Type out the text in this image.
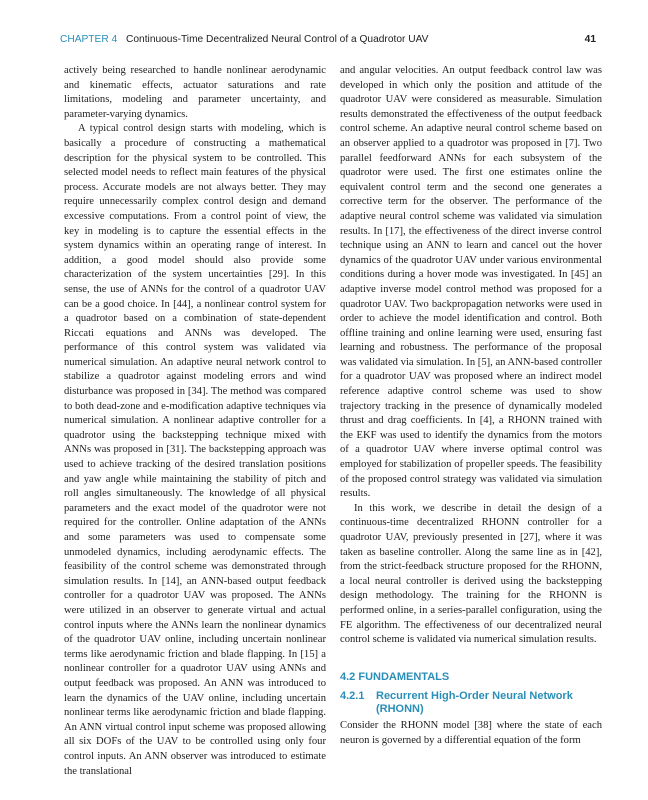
CHAPTER 4 Continuous-Time Decentralized Neural Control of a Quadrotor UAV	41

actively being researched to handle nonlinear aerodynamic and kinematic effects, actuator saturations and rate limitations, modeling and parameter uncertainty, and parameter-varying dynamics.

A typical control design starts with modeling, which is basically a procedure of constructing a mathematical description for the physical system to be controlled. This selected model needs to reflect main features of the physical process. Accurate models are not always better. They may require unnecessarily complex control design and demand excessive computations. From a control point of view, the key in modeling is to capture the essential effects in the system dynamics within an operating range of interest. In addition, a good model should also provide some characterization of the system uncertainties [29]. In this sense, the use of ANNs for the control of a quadrotor UAV can be a good choice. In [44], a nonlinear control system for a quadrotor based on a combination of state-dependent Riccati equations and ANNs was developed. The performance of this control system was validated via numerical simulation. An adaptive neural network control to stabilize a quadrotor against modeling errors and wind disturbance was proposed in [34]. The method was compared to both dead-zone and e-modification adaptive techniques via numerical simulation. A nonlinear adaptive controller for a quadrotor using the backstepping technique mixed with ANNs was proposed in [31]. The backstepping approach was used to achieve tracking of the desired translation positions and yaw angle while maintaining the stability of pitch and roll angles simultaneously. The knowledge of all physical parameters and the exact model of the quadrotor were not required for the controller. Online adaptation of the ANNs and some parameters was used to compensate some unmodeled dynamics, including aerodynamic effects. The feasibility of the control scheme was demonstrated through simulation results. In [14], an ANN-based output feedback controller for a quadrotor UAV was proposed. The ANNs were utilized in an observer to generate virtual and actual control inputs where the ANNs learn the nonlinear dynamics of the quadrotor UAV online, including uncertain nonlinear terms like aerodynamic friction and blade flapping. In [15] a nonlinear controller for a quadrotor UAV using ANNs and output feedback was proposed. An ANN was introduced to learn the dynamics of the UAV online, including uncertain nonlinear terms like aerodynamic friction and blade flapping. An ANN virtual control input scheme was proposed allowing all six DOFs of the UAV to be controlled using only four control inputs. An ANN observer was introduced to estimate the translational

and angular velocities. An output feedback control law was developed in which only the position and attitude of the quadrotor UAV were considered as measurable. Simulation results demonstrated the effectiveness of the output feedback control scheme. An adaptive neural control scheme based on an observer applied to a quadrotor was proposed in [7]. Two parallel feedforward ANNs for each subsystem of the quadrotor were used. The first one estimates online the equivalent control term and the second one generates a corrective term for the observer. The performance of the adaptive neural control scheme was validated via simulation results. In [17], the effectiveness of the direct inverse control technique using an ANN to learn and cancel out the hover dynamics of the quadrotor UAV under various environmental conditions during a hover mode was investigated. In [45] an adaptive inverse model control method was proposed for a quadrotor UAV. Two backpropagation networks were used in order to achieve the model identification and control. Both offline training and online learning were used, ensuring fast learning and robustness. The performance of the proposal was validated via simulation. In [5], an ANN-based controller for a quadrotor UAV was proposed where an indirect model reference adaptive control scheme was used to show trajectory tracking in the presence of dynamically modeled thrust and drag coefficients. In [4], a RHONN trained with the EKF was used to identify the dynamics from the motors of a quadrotor UAV where inverse optimal control was employed for stabilization of propeller speeds. The feasibility of the proposed control strategy was validated via simulation results.

In this work, we describe in detail the design of a continuous-time decentralized RHONN controller for a quadrotor UAV, previously presented in [27], where it was taken as baseline controller. Along the same line as in [42], from the strict-feedback structure proposed for the RHONN, a local neural controller is derived using the backstepping design methodology. The training for the RHONN is performed online, in a series-parallel configuration, using the FE algorithm. The effectiveness of our decentralized neural control scheme is validated via numerical simulation results.

4.2 FUNDAMENTALS
4.2.1	Recurrent High-Order Neural Network (RHONN)

Consider the RHONN model [38] where the state of each neuron is governed by a differential equation of the form
